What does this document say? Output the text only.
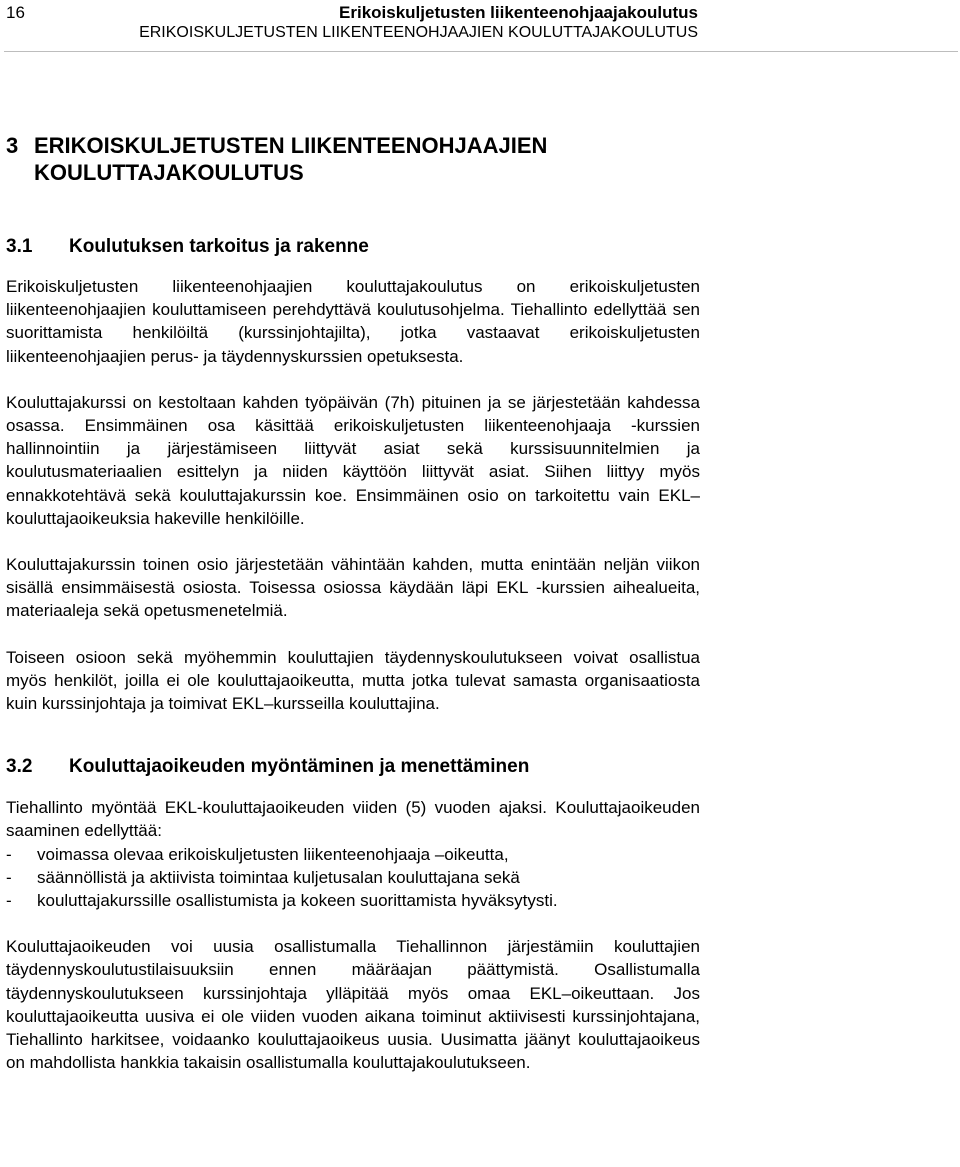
16	Erikoiskuljetusten liikenteenohjaajakoulutus
ERIKOISKULJETUSTEN LIIKENTEENOHJAAJIEN KOULUTTAJAKOULUTUS
3 ERIKOISKULJETUSTEN LIIKENTEENOHJAAJIEN
KOULUTTAJAKOULUTUS
3.1 Koulutuksen tarkoitus ja rakenne

Erikoiskuljetusten liikenteenohjaajien kouluttajakoulutus on erikoiskuljetusten liikenteenohjaajien kouluttamiseen perehdyttävä koulutusohjelma. Tiehallinto edellyttää sen suorittamista henkilöiltä (kurssinjohtajilta), jotka vastaavat erikoiskuljetusten liikenteenohjaajien perus- ja täydennyskurssien opetuksesta.

Kouluttajakurssi on kestoltaan kahden työpäivän (7h) pituinen ja se järjestetään kahdessa osassa. Ensimmäinen osa käsittää erikoiskuljetusten liikenteenohjaaja -kurssien hallinnointiin ja järjestämiseen liittyvät asiat sekä kurssisuunnitelmien ja koulutusmateriaalien esittelyn ja niiden käyttöön liittyvät asiat. Siihen liittyy myös ennakkotehtävä sekä kouluttajakurssin koe. Ensimmäinen osio on tarkoitettu vain EKL–kouluttajaoikeuksia hakeville henkilöille.

Kouluttajakurssin toinen osio järjestetään vähintään kahden, mutta enintään neljän viikon sisällä ensimmäisestä osiosta. Toisessa osiossa käydään läpi EKL -kurssien aihealueita, materiaaleja sekä opetusmenetelmiä.

Toiseen osioon sekä myöhemmin kouluttajien täydennyskoulutukseen voivat osallistua myös henkilöt, joilla ei ole kouluttajaoikeutta, mutta jotka tulevat samasta organisaatiosta kuin kurssinjohtaja ja toimivat EKL–kursseilla kouluttajina.

3.2 Kouluttajaoikeuden myöntäminen ja menettäminen

Tiehallinto myöntää EKL-kouluttajaoikeuden viiden (5) vuoden ajaksi. Kouluttajaoikeuden saaminen edellyttää:

- voimassa olevaa erikoiskuljetusten liikenteenohjaaja –oikeutta,
- säännöllistä ja aktiivista toimintaa kuljetusalan kouluttajana sekä
- kouluttajakurssille osallistumista ja kokeen suorittamista hyväksytysti.

Kouluttajaoikeuden voi uusia osallistumalla Tiehallinnon järjestämiin kouluttajien täydennyskoulutustilaisuuksiin ennen määräajan päättymistä. Osallistumalla täydennyskoulutukseen kurssinjohtaja ylläpitää myös omaa EKL–oikeuttaan. Jos kouluttajaoikeutta uusiva ei ole viiden vuoden aikana toiminut aktiivisesti kurssinjohtajana, Tiehallinto harkitsee, voidaanko kouluttajaoikeus uusia. Uusimatta jäänyt kouluttajaoikeus on mahdollista hankkia takaisin osallistumalla kouluttajakoulutukseen.
